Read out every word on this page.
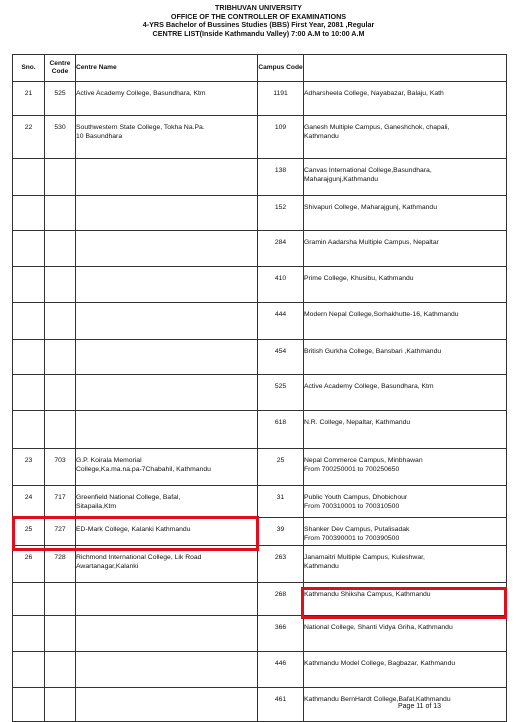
TRIBHUVAN UNIVERSITY
OFFICE OF THE CONTROLLER OF EXAMINATIONS
4-YRS Bachelor of Bussines Studies (BBS) First Year, 2081 ,Regular
CENTRE LIST(Inside Kathmandu Valley) 7:00 A.M to 10:00 A.M
Sno.	Centre Code	Centre Name	Campus Code	

21	525	Active Academy College, Basundhara, Ktm	1191	Adharsheela College, Nayabazar, Balaju, Kath

22	530	Southwestern State College, Tokha Na.Pa.
10 Basundhara	109	Ganesh Multiple Campus, Ganeshchok, chapali,
Kathmandu

			138	Canvas International College,Basundhara,
Maharajgunj,Kathmandu

			152	Shivapuri College, Maharajgunj, Kathmandu

			284	Gramin Aadarsha Multiple Campus, Nepaltar

			410	Prime College, Khusibu, Kathmandu

			444	Modern Nepal College,Sorhakhutte-16, Kathmandu

			454	British Gurkha College, Bansbari ,Kathmandu

			525	Active Academy College, Basundhara, Ktm

			618	N.R. College, Nepaltar, Kathmandu

23	703	G.P. Koirala Memorial
College,Ka.ma.na.pa-7Chabahil, Kathmandu	25	Nepal Commerce Campus, Minbhawan
From 700250001 to 700250650

24	717	Greenfield National College, Bafal,
Sitapaila,Ktm	31	Public Youth Campus, Dhobichour
From 700310001 to 700310500

25	727	ED-Mark College, Kalanki Kathmandu	39	Shanker Dev Campus, Putalisadak
From 700390001 to 700390500

26	728	Richmond International College, Lik Road
Awartanagar,Kalanki	263	Janamaitri Multiple Campus, Kuleshwar,
Kathmandu

			268	Kathmandu Shiksha Campus, Kathmandu

			366	National College, Shanti Vidya Griha, Kathmandu

			446	Kathmandu Model College, Bagbazar, Kathmandu

			461	Kathmandu BernHardt College,Bafal,Kathmandu
Page 11 of 13
